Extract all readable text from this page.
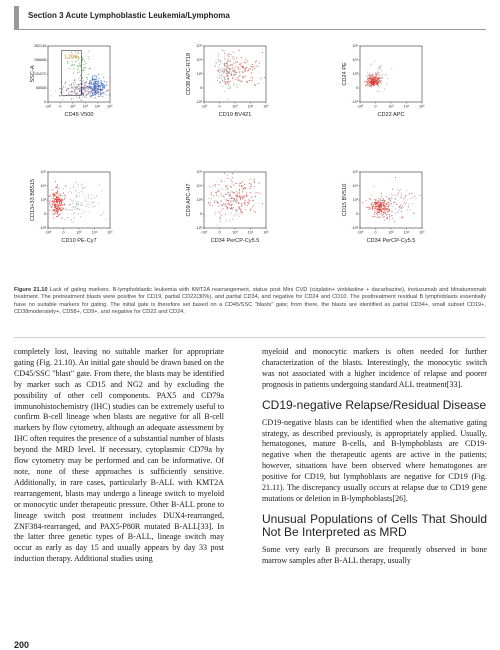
Section 3 Acute Lymphoblastic Leukemia/Lymphoma
1.20%
262144
196608
131072
65536
0
-10² 0 10² 10³ 10⁴ 10⁵
CD45 V500
SSC-A
10⁵
10⁴
10³
0
-10³
-10³	0	10³	10⁴	10⁵
CD19 BV421
CD38 APC-R718
10⁵
10⁴
10³
0
-10³
-10³	0	10³	10⁴	10⁵
CD22 APC
CD24 PE
10⁵
10⁴
10³
0
-10³
-10³	0	10³	10⁴	10⁵
CD10 PE-Cy7
CD13+33 BB515
10⁵
10⁴
10³
0
-10³
-10³	0	10³	10⁴	10⁵
CD34 PerCP-Cy5.5
CD9 APC-H7
10⁵
10⁴
10³
0
-10³
-10³	0	10³	10⁴	10⁵
CD34 PerCP-Cy5.5
CD15 BV510
Figure 21.10 Lack of gating markers. B-lymphoblastic leukemia with KMT2A rearrangement, status post Mini CVD (cisplatin+ vinblastine + dacarbazine), inotuzumab and blinatumomab treatment. The pretreatment blasts were positive for CD19, partial CD22(30%), and partial CD34, and negative for CD24 and CD10. The posttreatment residual B lymphoblasts essentially have no suitable markers for gating. The initial gate is therefore set based on a CD45/SSC "blasts" gate; from there, the blasts are identified as partial CD34+, small subset CD19+, CD38moderately+, CD58+, CD9+, and negative for CD22 and CD24.

completely lost, leaving no suitable marker for appropriate gating (Fig. 21.10). An initial gate should be drawn based on the CD45/SSC "blast" gate. From there, the blasts may be identified by marker such as CD15 and NG2 and by excluding the possibility of other cell components. PAX5 and CD79a immunohistochemistry (IHC) studies can be extremely useful to confirm B-cell lineage when blasts are negative for all B-cell markers by flow cytometry, although an adequate assessment by IHC often requires the presence of a substantial number of blasts beyond the MRD level. If necessary, cytoplasmic CD79a by flow cytometry may be performed and can be informative. Of note, none of these approaches is sufficiently sensitive. Additionally, in rare cases, particularly B-ALL with KMT2A rearrangement, blasts may undergo a lineage switch to myeloid or monocytic under therapeutic pressure. Other B-ALL prone to lineage switch post treatment includes DUX4-rearranged, ZNF384-rearranged, and PAX5-P80R mutated B-ALL[33]. In the latter three genetic types of B-ALL, lineage switch may occur as early as day 15 and usually appears by day 33 post induction therapy. Additional studies using

myeloid and monocytic markers is often needed for further characterization of the blasts. Interestingly, the monocytic switch was not associated with a higher incidence of relapse and poorer prognosis in patients undergoing standard ALL treatment[33].

CD19-negative Relapse/Residual Disease

CD19-negative blasts can be identified when the alternative gating strategy, as described previously, is appropriately applied. Usually, hematogones, mature B-cells, and B-lymphoblasts are CD19-negative when the therapeutic agents are active in the patients; however, situations have been observed where hematogones are positive for CD19, but lymphoblasts are negative for CD19 (Fig. 21.11). The discrepancy usually occurs at relapse due to CD19 gene mutations or deletion in B-lymphoblasts[26].

Unusual Populations of Cells That Should Not Be Interpreted as MRD

Some very early B precursors are frequently observed in bone marrow samples after B-ALL therapy, usually

200
